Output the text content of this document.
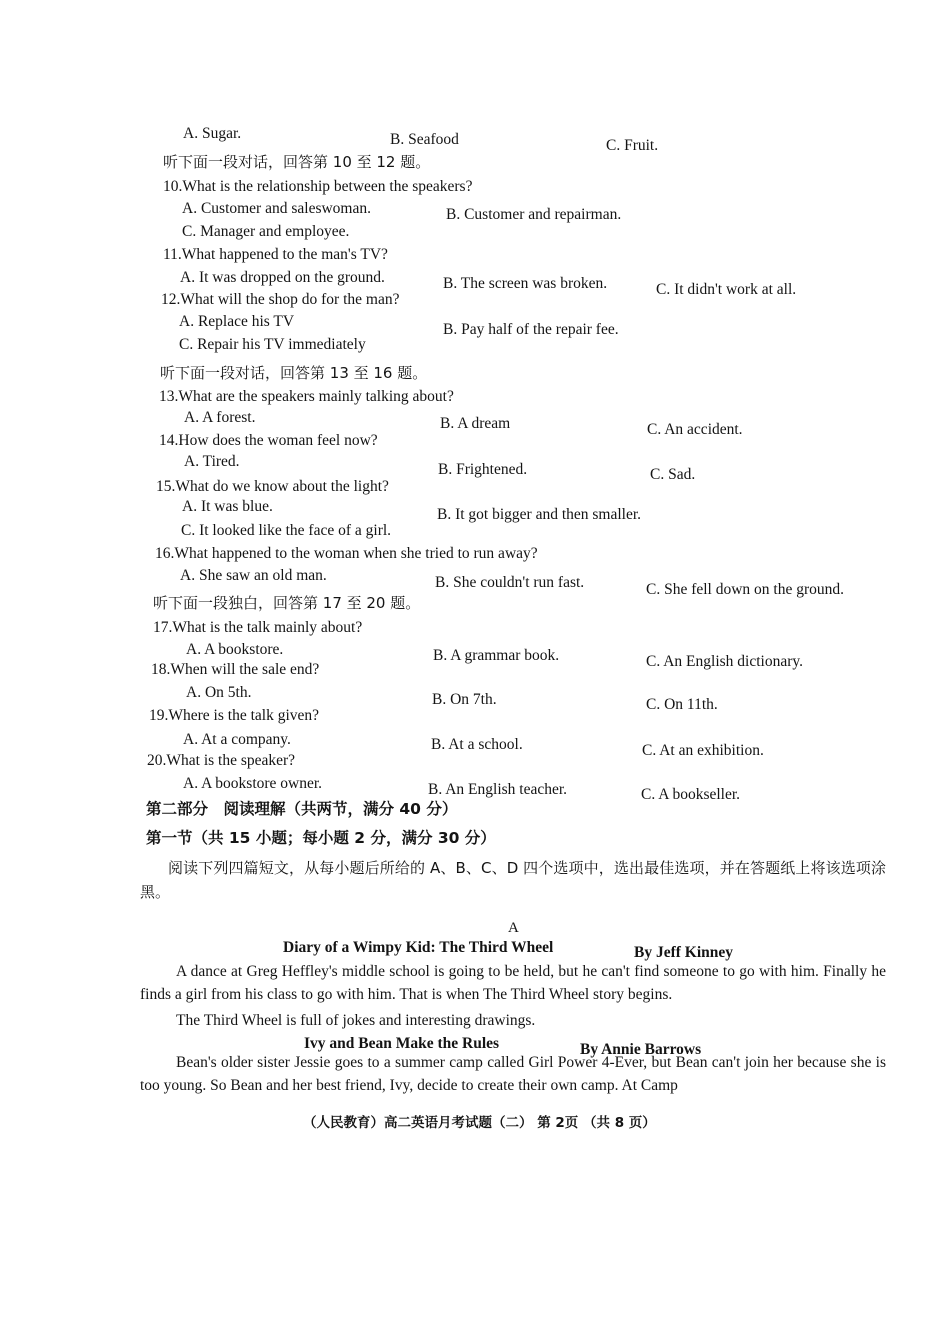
A. Sugar.	B. Seafood	C. Fruit.
听下面一段对话，回答第 10 至 12 题。
10.What is the relationship between the speakers?
A. Customer and saleswoman.	B. Customer and repairman.
C. Manager and employee.
11.What happened to the man's TV?
A. It was dropped on the ground.	B. The screen was broken.	C. It didn't work at all.
12.What will the shop do for the man?
A. Replace his TV	B. Pay half of the repair fee.
C. Repair his TV immediately
听下面一段对话，回答第 13 至 16 题。
13.What are the speakers mainly talking about?
A. A forest.	B. A dream	C. An accident.
14.How does the woman feel now?
A. Tired.	B. Frightened.	C. Sad.
15.What do we know about the light?
A. It was blue.	B. It got bigger and then smaller.
C. It looked like the face of a girl.
16.What happened to the woman when she tried to run away?
A. She saw an old man.	B. She couldn't run fast.	C. She fell down on the ground.
听下面一段独白，回答第 17 至 20 题。
17.What is the talk mainly about?
A. A bookstore.	B. A grammar book.	C. An English dictionary.
18.When will the sale end?
A. On 5th.	B. On 7th.	C. On 11th.
19.Where is the talk given?
A. At a company.	B. At a school.	C. At an exhibition.
20.What is the speaker?
A. A bookstore owner.	B. An English teacher.	C. A bookseller.
第二部分　阅读理解（共两节，满分 40 分）
第一节（共 15 小题；每小题 2 分，满分 30 分）
阅读下列四篇短文，从每小题后所给的 A、B、C、D 四个选项中，选出最佳选项，并在答题纸上将该选项涂黑。
A
Diary of a Wimpy Kid: The Third Wheel	By Jeff Kinney
A dance at Greg Heffley's middle school is going to be held, but he can't find someone to go with him. Finally he finds a girl from his class to go with him. That is when The Third Wheel story begins.
The Third Wheel is full of jokes and interesting drawings.
Ivy and Bean Make the Rules	By Annie Barrows
Bean's older sister Jessie goes to a summer camp called Girl Power 4-Ever, but Bean can't join her because she is too young. So Bean and her best friend, Ivy, decide to create their own camp. At Camp
（人民教育）高二英语月考试题（二） 第 2页 （共 8 页）
